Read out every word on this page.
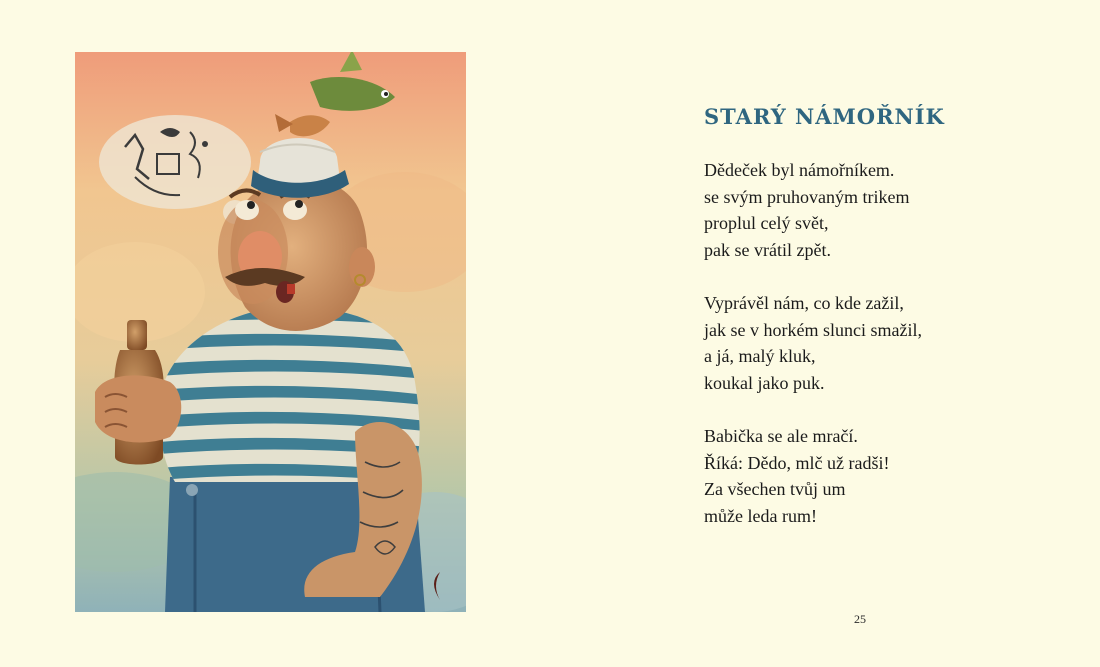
STARÝ NÁMOŘNÍK
Dědeček byl námořníkem.
se svým pruhovaným trikem
proplul celý svět,
pak se vrátil zpět.
Vyprávěl nám, co kde zažil,
jak se v horkém slunci smažil,
a já, malý kluk,
koukal jako puk.
Babička se ale mračí.
Říká: Dědo, mlč už radši!
Za všechen tvůj um
může leda rum!
25
